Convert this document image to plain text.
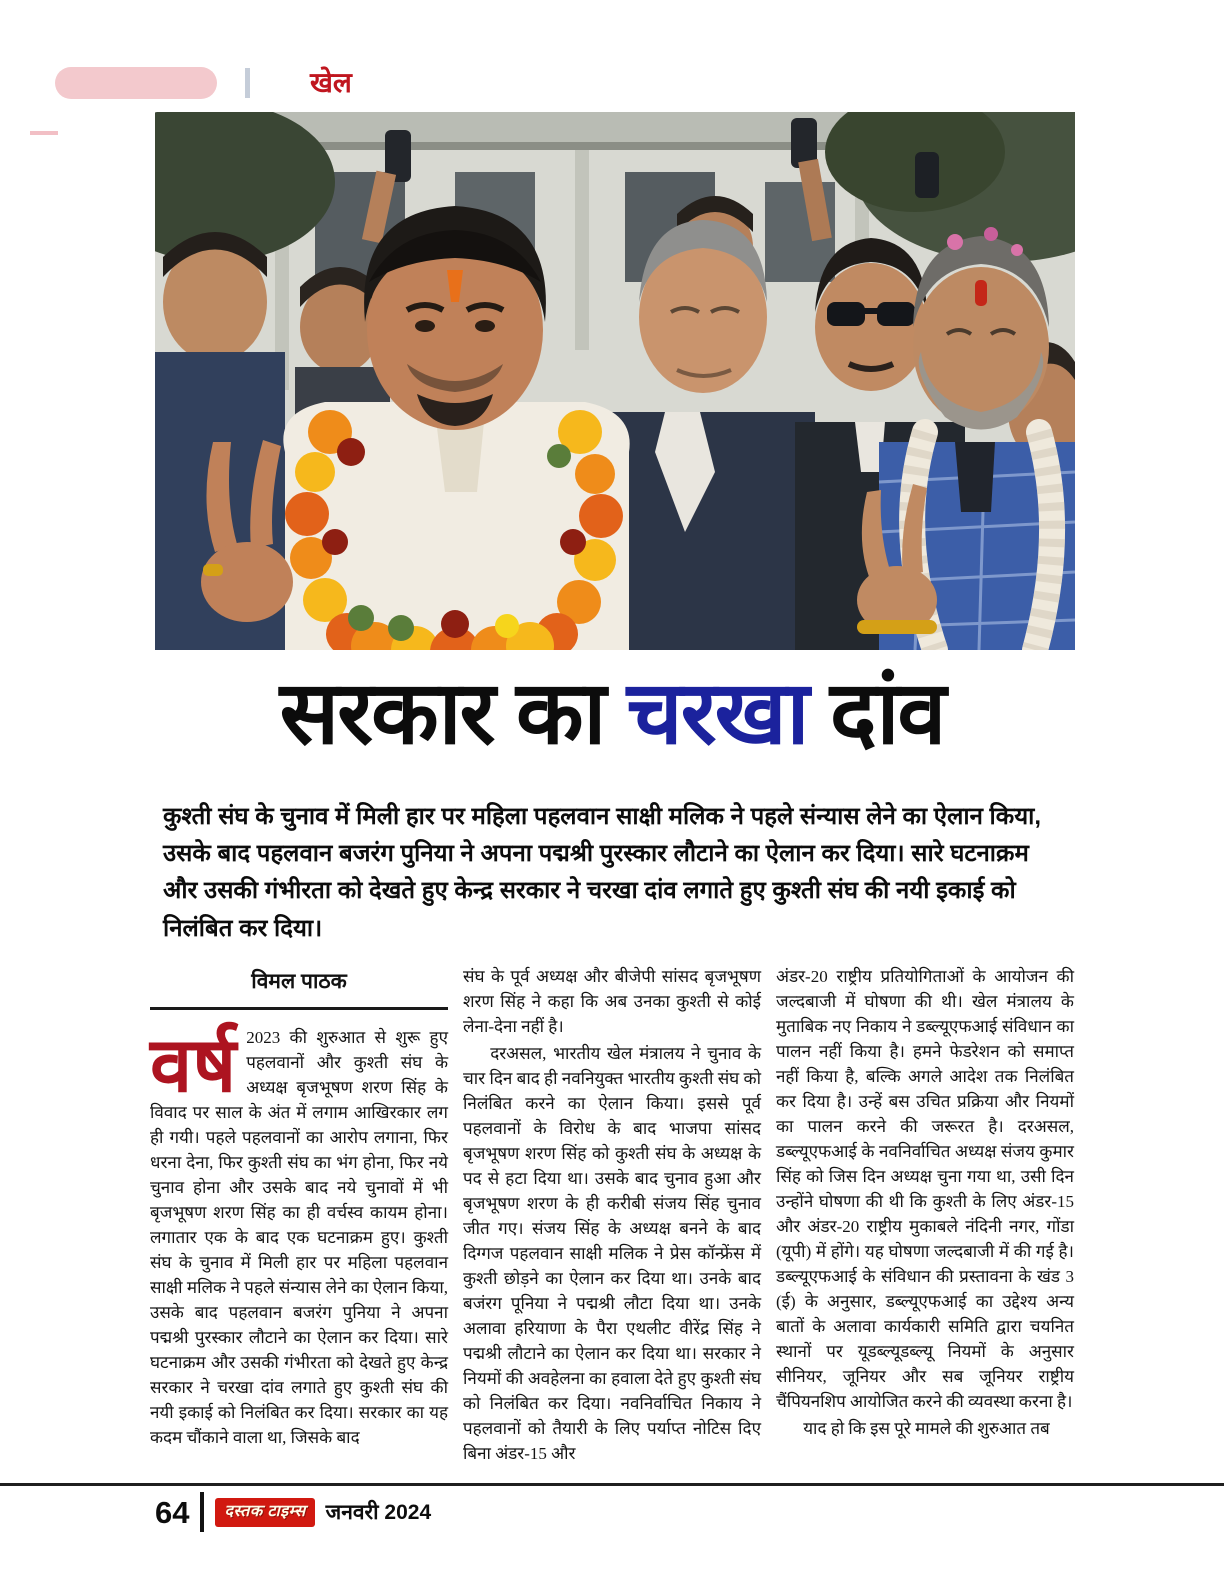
खेल
सरकार का चरखा दांव
कुश्ती संघ के चुनाव में मिली हार पर महिला पहलवान साक्षी मलिक ने पहले संन्यास लेने का ऐलान किया, उसके बाद पहलवान बजरंग पुनिया ने अपना पद्मश्री पुरस्कार लौटाने का ऐलान कर दिया। सारे घटनाक्रम और उसकी गंभीरता को देखते हुए केन्द्र सरकार ने चरखा दांव लगाते हुए कुश्ती संघ की नयी इकाई को निलंबित कर दिया।
विमल पाठक

वर्ष 2023 की शुरुआत से शुरू हुए पहलवानों और कुश्ती संघ के अध्यक्ष बृजभूषण शरण सिंह के विवाद पर साल के अंत में लगाम आखिरकार लग ही गयी। पहले पहलवानों का आरोप लगाना, फिर धरना देना, फिर कुश्ती संघ का भंग होना, फिर नये चुनाव होना और उसके बाद नये चुनावों में भी बृजभूषण शरण सिंह का ही वर्चस्व कायम होना। लगातार एक के बाद एक घटनाक्रम हुए। कुश्ती संघ के चुनाव में मिली हार पर महिला पहलवान साक्षी मलिक ने पहले संन्यास लेने का ऐलान किया, उसके बाद पहलवान बजरंग पुनिया ने अपना पद्मश्री पुरस्कार लौटाने का ऐलान कर दिया। सारे घटनाक्रम और उसकी गंभीरता को देखते हुए केन्द्र सरकार ने चरखा दांव लगाते हुए कुश्ती संघ की नयी इकाई को निलंबित कर दिया। सरकार का यह कदम चौंकाने वाला था, जिसके बाद

संघ के पूर्व अध्यक्ष और बीजेपी सांसद बृजभूषण शरण सिंह ने कहा कि अब उनका कुश्ती से कोई लेना-देना नहीं है।

दरअसल, भारतीय खेल मंत्रालय ने चुनाव के चार दिन बाद ही नवनियुक्त भारतीय कुश्ती संघ को निलंबित करने का ऐलान किया। इससे पूर्व पहलवानों के विरोध के बाद भाजपा सांसद बृजभूषण शरण सिंह को कुश्ती संघ के अध्यक्ष के पद से हटा दिया था। उसके बाद चुनाव हुआ और बृजभूषण शरण के ही करीबी संजय सिंह चुनाव जीत गए। संजय सिंह के अध्यक्ष बनने के बाद दिग्गज पहलवान साक्षी मलिक ने प्रेस कॉन्फ्रेंस में कुश्ती छोड़ने का ऐलान कर दिया था। उनके बाद बजंरग पूनिया ने पद्मश्री लौटा दिया था। उनके अलावा हरियाणा के पैरा एथलीट वीरेंद्र सिंह ने पद्मश्री लौटाने का ऐलान कर दिया था। सरकार ने नियमों की अवहेलना का हवाला देते हुए कुश्ती संघ को निलंबित कर दिया। नवनिर्वाचित निकाय ने पहलवानों को तैयारी के लिए पर्याप्त नोटिस दिए बिना अंडर-15 और

अंडर-20 राष्ट्रीय प्रतियोगिताओं के आयोजन की जल्दबाजी में घोषणा की थी। खेल मंत्रालय के मुताबिक नए निकाय ने डब्ल्यूएफआई संविधान का पालन नहीं किया है। हमने फेडरेशन को समाप्त नहीं किया है, बल्कि अगले आदेश तक निलंबित कर दिया है। उन्हें बस उचित प्रक्रिया और नियमों का पालन करने की जरूरत है। दरअसल, डब्ल्यूएफआई के नवनिर्वाचित अध्यक्ष संजय कुमार सिंह को जिस दिन अध्यक्ष चुना गया था, उसी दिन उन्होंने घोषणा की थी कि कुश्ती के लिए अंडर-15 और अंडर-20 राष्ट्रीय मुकाबले नंदिनी नगर, गोंडा (यूपी) में होंगे। यह घोषणा जल्दबाजी में की गई है। डब्ल्यूएफआई के संविधान की प्रस्तावना के खंड 3 (ई) के अनुसार, डब्ल्यूएफआई का उद्देश्य अन्य बातों के अलावा कार्यकारी समिति द्वारा चयनित स्थानों पर यूडब्ल्यूडब्ल्यू नियमों के अनुसार सीनियर, जूनियर और सब जूनियर राष्ट्रीय चैंपियनशिप आयोजित करने की व्यवस्था करना है।

याद हो कि इस पूरे मामले की शुरुआत तब

64	दस्तक टाइम्स जनवरी 2024
